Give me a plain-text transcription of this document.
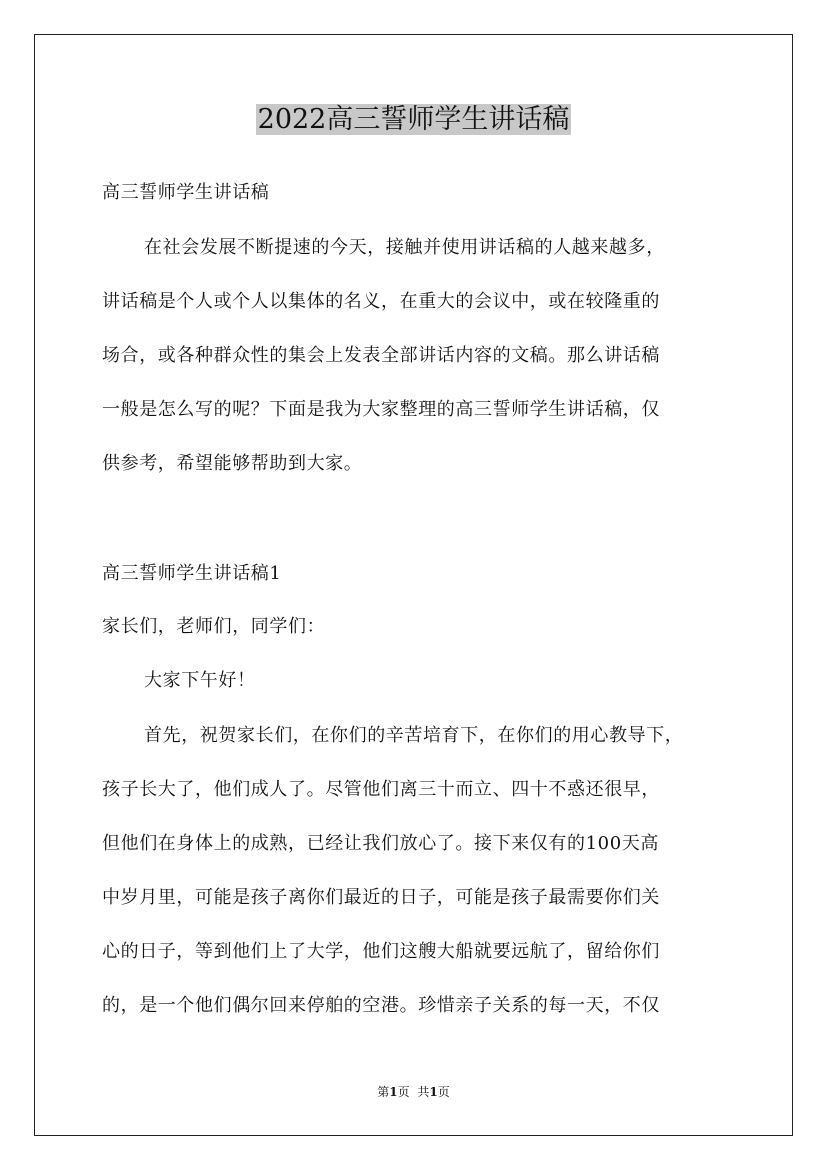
2022高三誓师学生讲话稿
高三誓师学生讲话稿
在社会发展不断提速的今天，接触并使用讲话稿的人越来越多，
讲话稿是个人或个人以集体的名义，在重大的会议中，或在较隆重的
场合，或各种群众性的集会上发表全部讲话内容的文稿。那么讲话稿
一般是怎么写的呢？下面是我为大家整理的高三誓师学生讲话稿，仅
供参考，希望能够帮助到大家。
高三誓师学生讲话稿1
家长们，老师们，同学们：
大家下午好！
首先，祝贺家长们，在你们的辛苦培育下，在你们的用心教导下，
孩子长大了，他们成人了。尽管他们离三十而立、四十不惑还很早，
但他们在身体上的成熟，已经让我们放心了。接下来仅有的100天高
中岁月里，可能是孩子离你们最近的日子，可能是孩子最需要你们关
心的日子，等到他们上了大学，他们这艘大船就要远航了，留给你们
的，是一个他们偶尔回来停舶的空港。珍惜亲子关系的每一天，不仅
第1页 共1页
